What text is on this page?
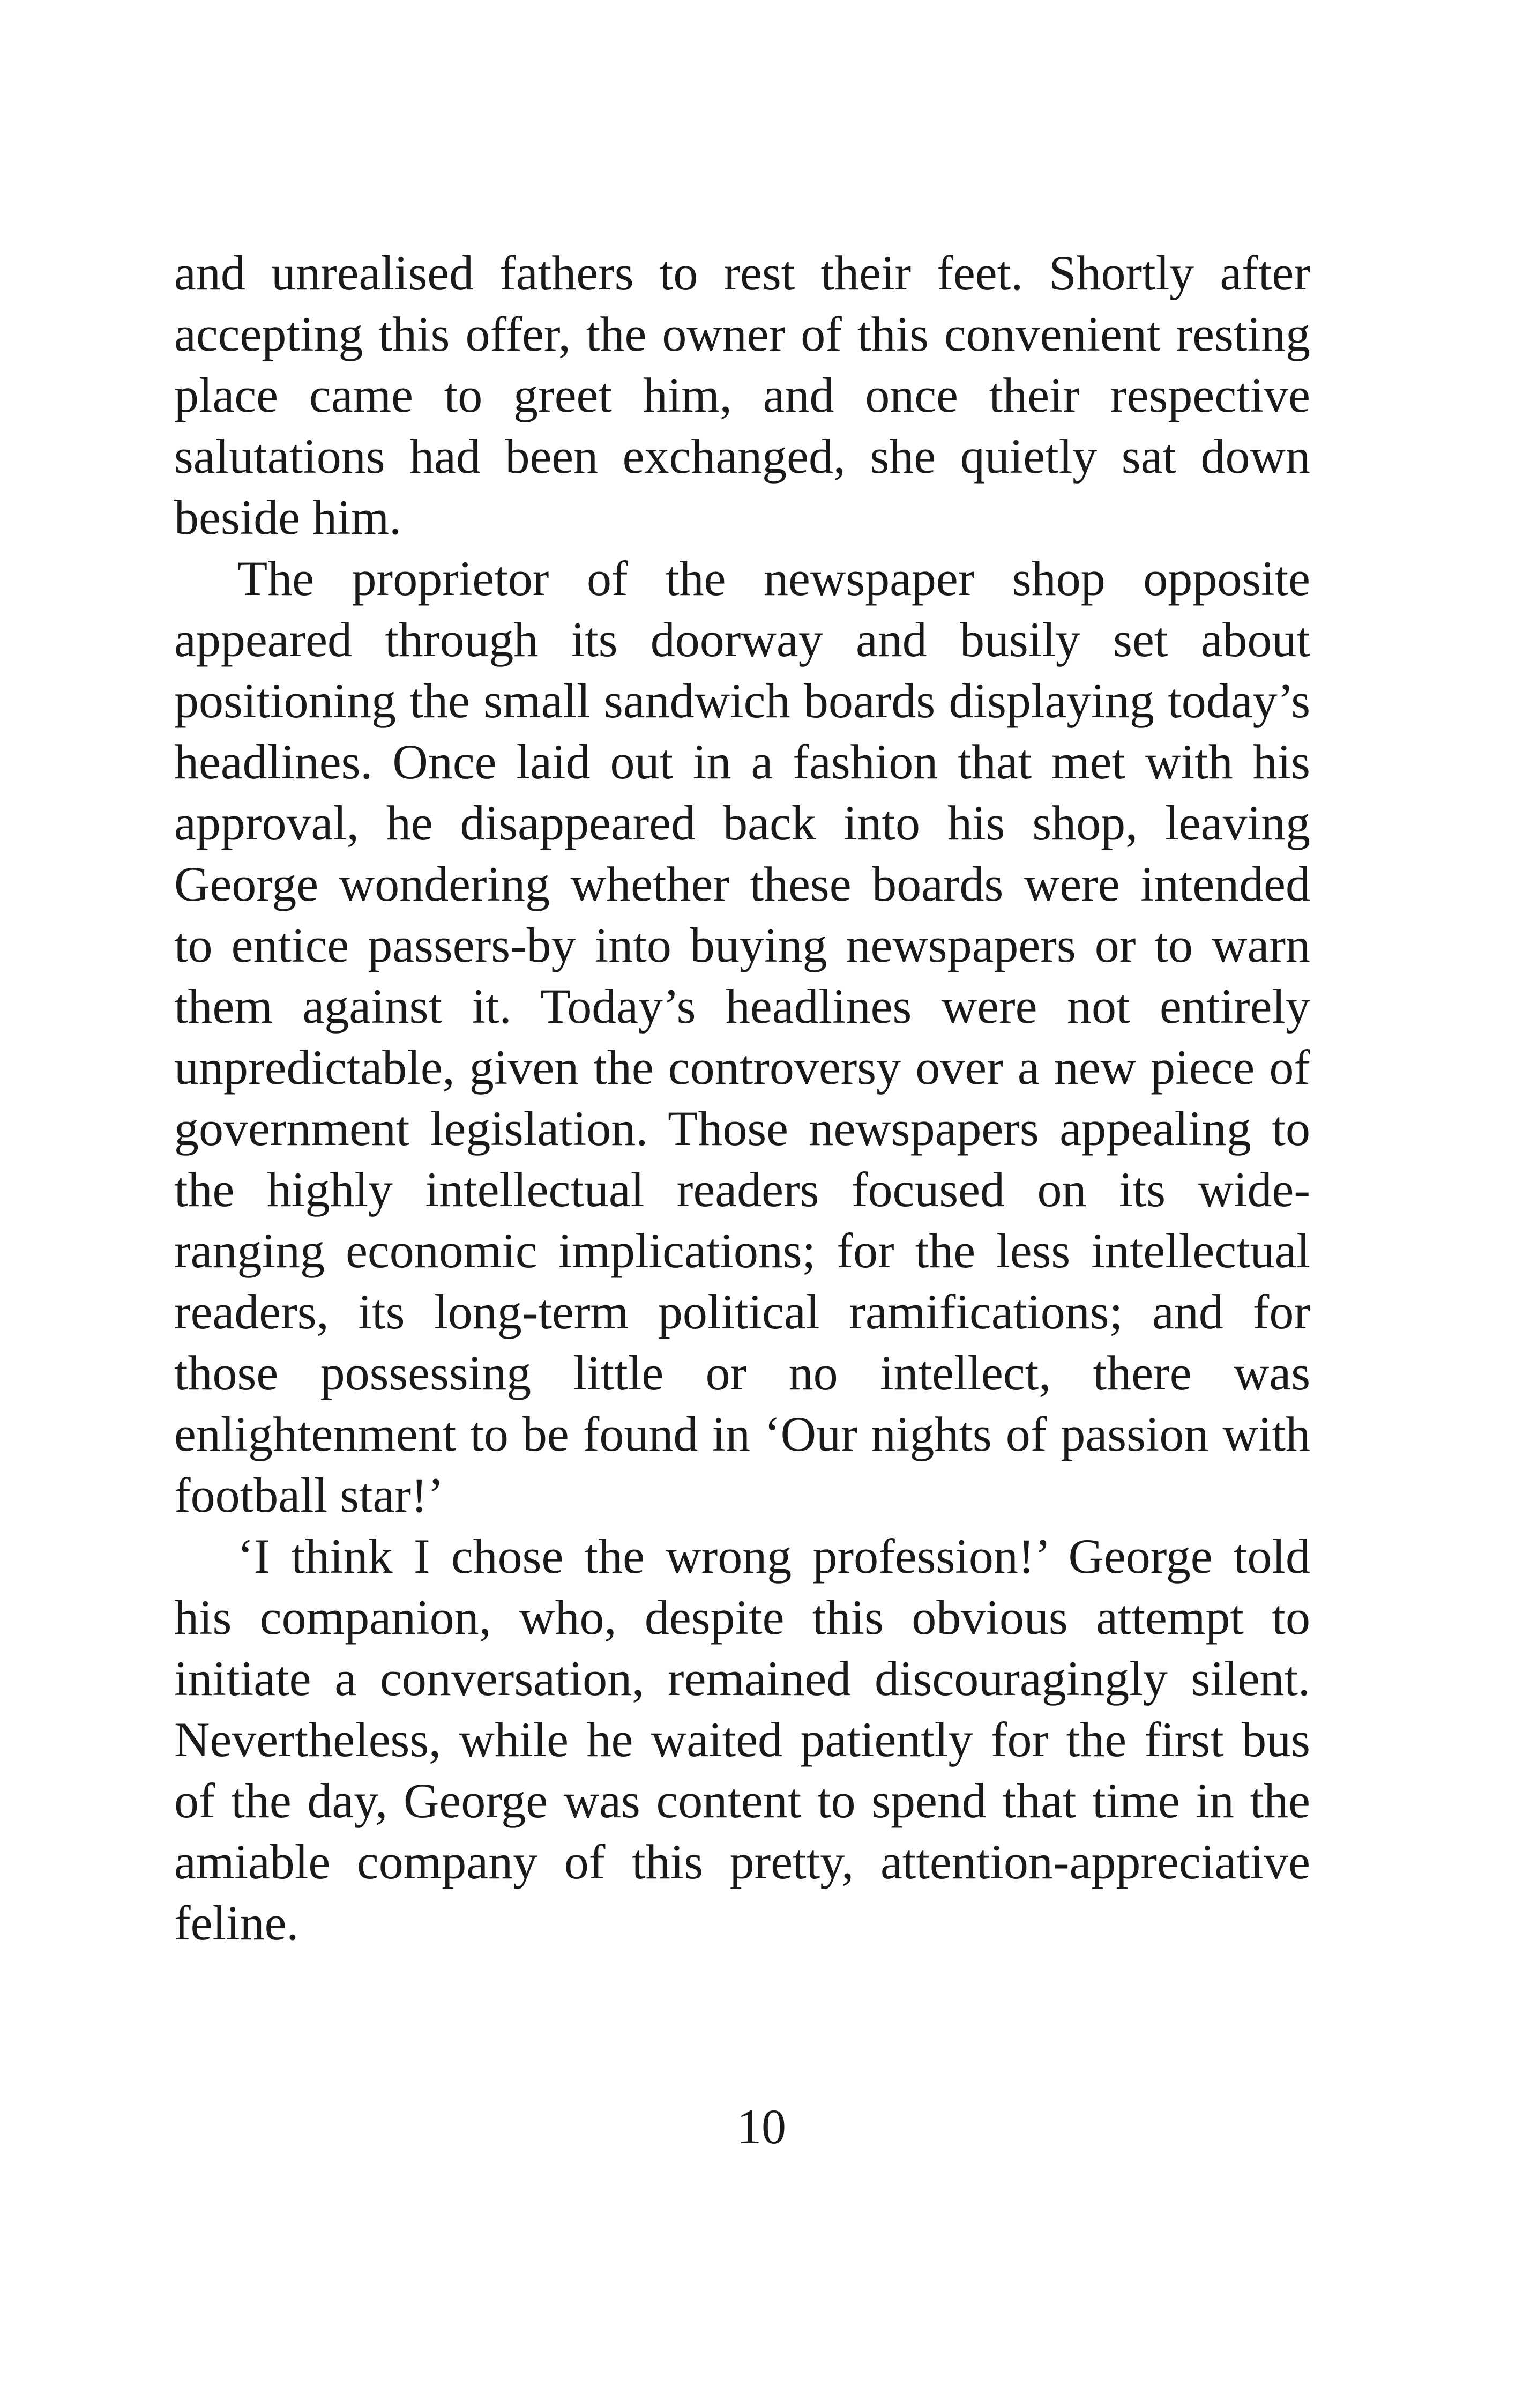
and unrealised fathers to rest their feet. Shortly after accepting this offer, the owner of this convenient resting place came to greet him, and once their respective salutations had been exchanged, she quietly sat down beside him.

The proprietor of the newspaper shop opposite appeared through its doorway and busily set about positioning the small sandwich boards displaying today’s headlines. Once laid out in a fashion that met with his approval, he disappeared back into his shop, leaving George wondering whether these boards were intended to entice passers-by into buying newspapers or to warn them against it. Today’s headlines were not entirely unpredictable, given the controversy over a new piece of government legislation. Those newspapers appealing to the highly intellectual readers focused on its wide-ranging economic implications; for the less intellectual readers, its long-term political ramifications; and for those possessing little or no intellect, there was enlightenment to be found in ‘Our nights of passion with football star!’

‘I think I chose the wrong profession!’ George told his companion, who, despite this obvious attempt to initiate a conversation, remained discouragingly silent. Nevertheless, while he waited patiently for the first bus of the day, George was content to spend that time in the amiable company of this pretty, attention-appreciative feline.

10
